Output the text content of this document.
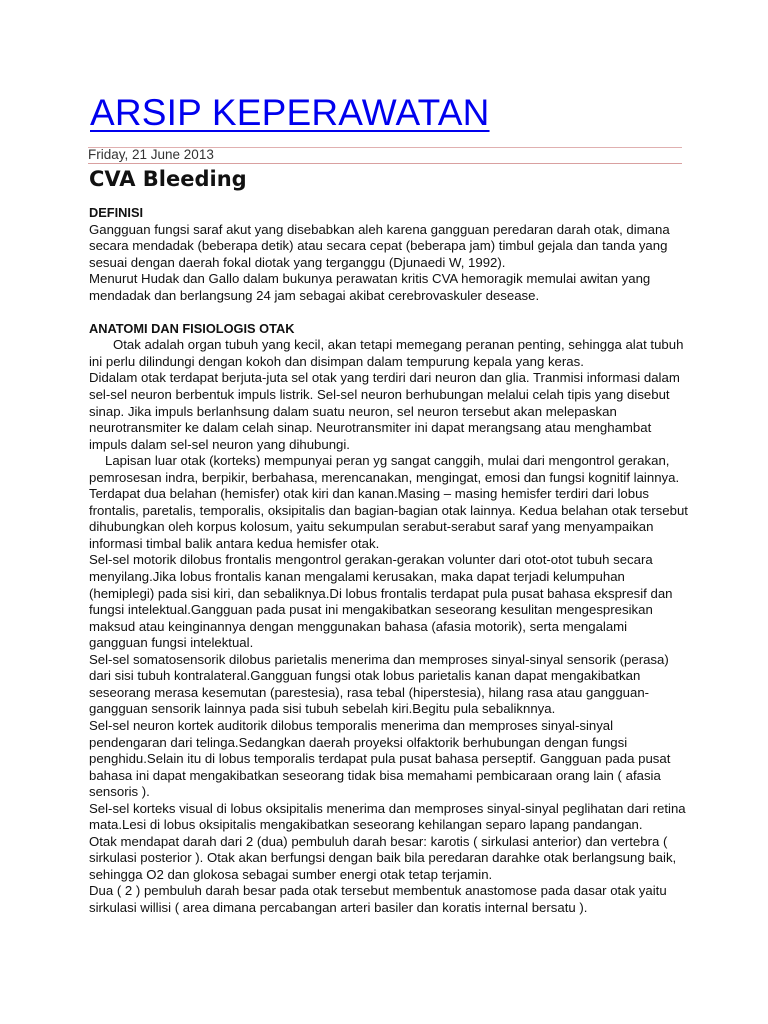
ARSIP KEPERAWATAN
Friday, 21 June 2013
CVA Bleeding
DEFINISI

Gangguan fungsi saraf akut yang disebabkan aleh karena gangguan peredaran darah otak, dimana secara mendadak (beberapa detik) atau secara cepat (beberapa jam) timbul gejala dan tanda yang sesuai dengan daerah fokal diotak yang terganggu (Djunaedi W, 1992).

Menurut Hudak dan Gallo dalam bukunya perawatan kritis CVA hemoragik memulai awitan yang mendadak dan berlangsung 24 jam sebagai akibat cerebrovaskuler desease.

ANATOMI DAN FISIOLOGIS OTAK

Otak adalah organ tubuh yang kecil, akan tetapi memegang peranan penting, sehingga alat tubuh ini perlu dilindungi dengan kokoh dan disimpan dalam tempurung kepala yang keras.

Didalam otak terdapat berjuta-juta sel otak yang terdiri dari neuron dan glia. Tranmisi informasi dalam sel-sel neuron berbentuk impuls listrik. Sel-sel neuron berhubungan melalui celah tipis yang disebut sinap. Jika impuls berlanhsung dalam suatu neuron, sel neuron tersebut akan melepaskan neurotransmiter ke dalam celah sinap. Neurotransmiter ini dapat merangsang atau menghambat impuls dalam sel-sel neuron yang dihubungi.

Lapisan luar otak (korteks) mempunyai peran yg sangat canggih, mulai dari mengontrol gerakan, pemrosesan indra, berpikir, berbahasa, merencanakan, mengingat, emosi dan fungsi kognitif lainnya. Terdapat dua belahan (hemisfer) otak kiri dan kanan.Masing – masing hemisfer terdiri dari lobus frontalis, paretalis, temporalis, oksipitalis dan bagian-bagian otak lainnya. Kedua belahan otak tersebut dihubungkan oleh korpus kolosum, yaitu sekumpulan serabut-serabut saraf yang menyampaikan informasi timbal balik antara kedua hemisfer otak.

Sel-sel motorik dilobus frontalis mengontrol gerakan-gerakan volunter dari otot-otot tubuh secara menyilang.Jika lobus frontalis kanan mengalami kerusakan, maka dapat terjadi kelumpuhan (hemiplegi) pada sisi kiri, dan sebaliknya.Di lobus frontalis terdapat pula pusat bahasa ekspresif dan fungsi intelektual.Gangguan pada pusat ini mengakibatkan seseorang kesulitan mengespresikan maksud atau keinginannya dengan menggunakan bahasa (afasia motorik), serta mengalami gangguan fungsi intelektual.

Sel-sel somatosensorik dilobus parietalis menerima dan memproses sinyal-sinyal sensorik (perasa) dari sisi tubuh kontralateral.Gangguan fungsi otak lobus parietalis kanan dapat mengakibatkan seseorang merasa kesemutan (parestesia), rasa tebal (hiperstesia), hilang rasa atau gangguan-gangguan sensorik lainnya pada sisi tubuh sebelah kiri.Begitu pula sebaliknnya.

Sel-sel neuron kortek auditorik dilobus temporalis menerima dan memproses sinyal-sinyal pendengaran dari telinga.Sedangkan daerah proyeksi olfaktorik berhubungan dengan fungsi penghidu.Selain itu di lobus temporalis terdapat pula pusat bahasa perseptif. Gangguan pada pusat bahasa ini dapat mengakibatkan seseorang tidak bisa memahami pembicaraan orang lain ( afasia sensoris ).

Sel-sel korteks visual di lobus oksipitalis menerima dan memproses sinyal-sinyal peglihatan dari retina mata.Lesi di lobus oksipitalis mengakibatkan seseorang kehilangan separo lapang pandangan.

Otak mendapat darah dari 2 (dua) pembuluh darah besar: karotis ( sirkulasi anterior) dan vertebra ( sirkulasi posterior ). Otak akan berfungsi dengan baik bila peredaran darahke otak berlangsung baik, sehingga O2 dan glokosa sebagai sumber energi otak tetap terjamin.

Dua ( 2 ) pembuluh darah besar pada otak tersebut membentuk anastomose pada dasar otak yaitu sirkulasi willisi ( area dimana percabangan arteri basiler dan koratis internal bersatu ).
